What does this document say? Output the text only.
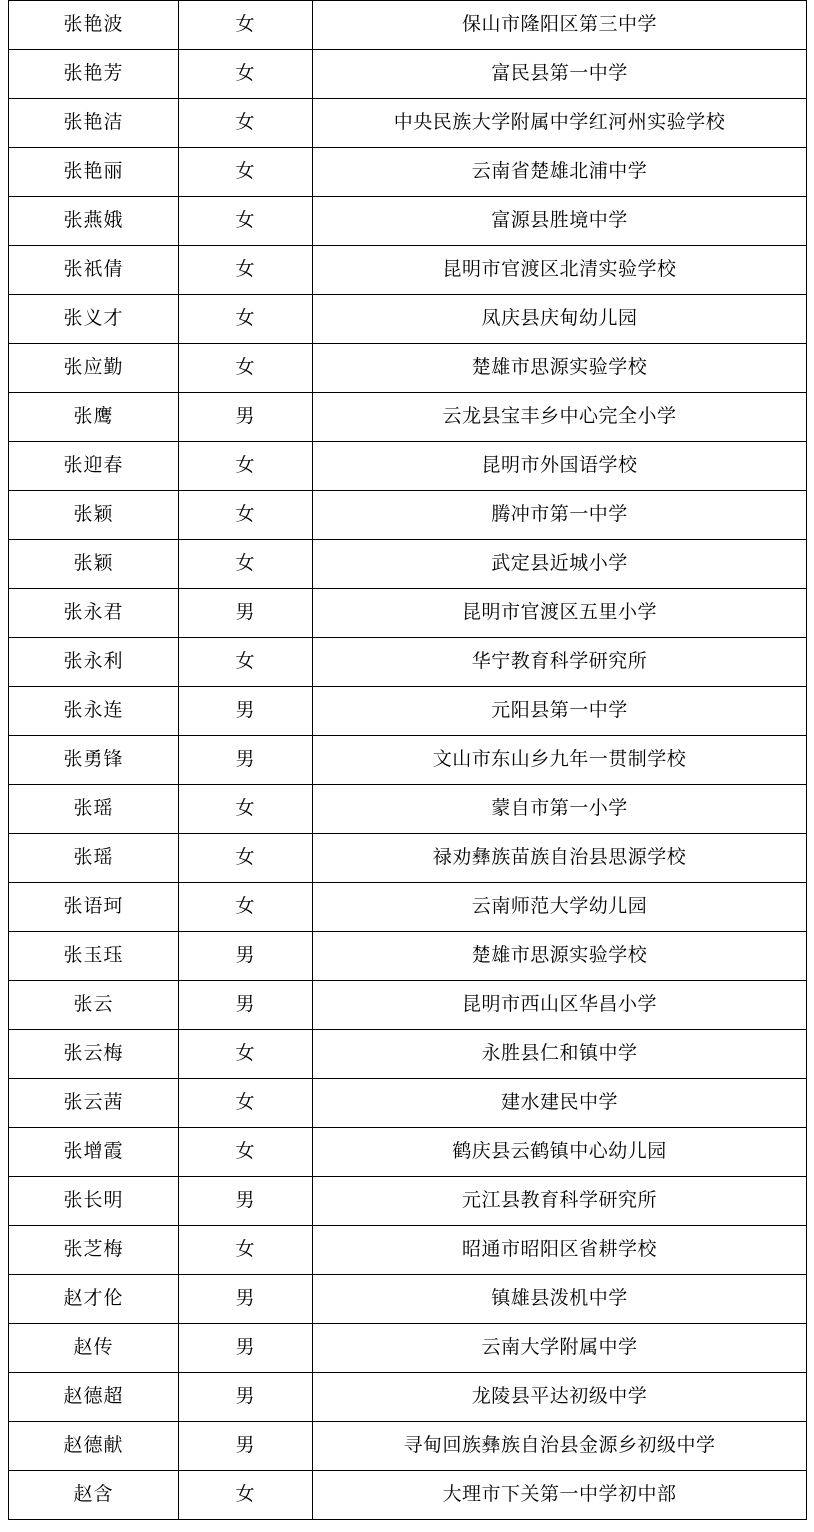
张艳波	女	保山市隆阳区第三中学
张艳芳	女	富民县第一中学
张艳洁	女	中央民族大学附属中学红河州实验学校
张艳丽	女	云南省楚雄北浦中学
张燕娥	女	富源县胜境中学
张祇倩	女	昆明市官渡区北清实验学校
张义才	女	凤庆县庆甸幼儿园
张应勤	女	楚雄市思源实验学校
张鹰	男	云龙县宝丰乡中心完全小学
张迎春	女	昆明市外国语学校
张颖	女	腾冲市第一中学
张颖	女	武定县近城小学
张永君	男	昆明市官渡区五里小学
张永利	女	华宁教育科学研究所
张永连	男	元阳县第一中学
张勇锋	男	文山市东山乡九年一贯制学校
张瑶	女	蒙自市第一小学
张瑶	女	禄劝彝族苗族自治县思源学校
张语珂	女	云南师范大学幼儿园
张玉珏	男	楚雄市思源实验学校
张云	男	昆明市西山区华昌小学
张云梅	女	永胜县仁和镇中学
张云茜	女	建水建民中学
张增霞	女	鹤庆县云鹤镇中心幼儿园
张长明	男	元江县教育科学研究所
张芝梅	女	昭通市昭阳区省耕学校
赵才伦	男	镇雄县泼机中学
赵传	男	云南大学附属中学
赵德超	男	龙陵县平达初级中学
赵德献	男	寻甸回族彝族自治县金源乡初级中学
赵含	女	大理市下关第一中学初中部
